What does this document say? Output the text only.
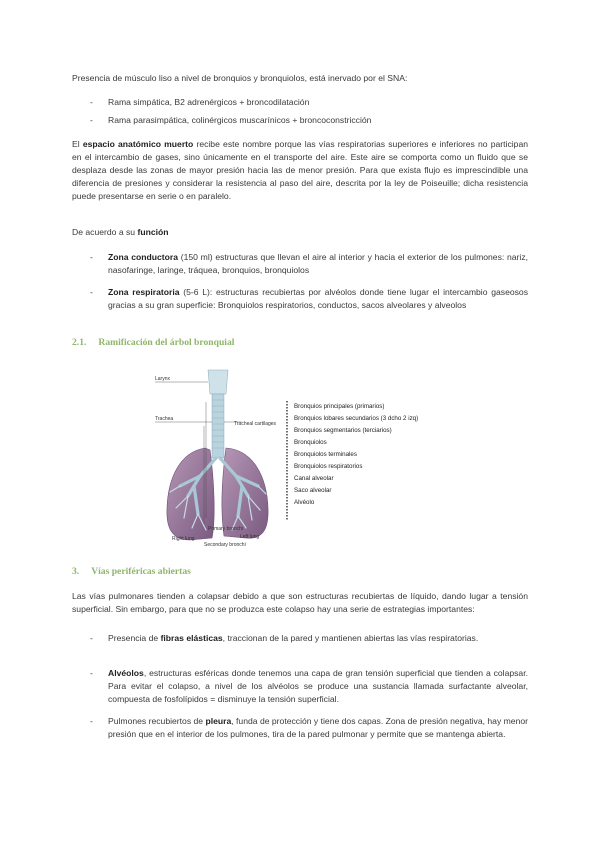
Presencia de músculo liso a nivel de bronquios y bronquiolos, está inervado por el SNA:

- Rama simpática, B2 adrenérgicos + broncodilatación

- Rama parasimpática, colinérgicos muscarínicos + broncoconstricción

El espacio anatómico muerto recibe este nombre porque las vías respiratorias superiores e inferiores no participan en el intercambio de gases, sino únicamente en el transporte del aire. Este aire se comporta como un fluido que se desplaza desde las zonas de mayor presión hacia las de menor presión. Para que exista flujo es imprescindible una diferencia de presiones y considerar la resistencia al paso del aire, descrita por la ley de Poiseuille; dicha resistencia puede presentarse en serie o en paralelo.

De acuerdo a su función

- Zona conductora (150 ml) estructuras que llevan el aire al interior y hacia el exterior de los pulmones: nariz, nasofaringe, laringe, tráquea, bronquios, bronquiolos

- Zona respiratoria (5-6 L): estructuras recubiertas por alvéolos donde tiene lugar el intercambio gaseosos gracias a su gran superficie: Bronquiolos respiratorios, conductos, sacos alveolares y alveolos

2.1. Ramificación del árbol bronquial

Larynx
Trachea
Right lung	Left lung
Primary bronchi
Secondary bronchi
Tracheal cartilages
Bronquios principales (primarios)
Bronquios lobares secundarios (3 dcho 2 izq)
Bronquios segmentarios (terciarios)
Bronquiolos
Bronquiolos terminales
Bronquiolos respiratorios
Canal alveolar
Saco alveolar
Alvéolo

3. Vías periféricas abiertas

Las vías pulmonares tienden a colapsar debido a que son estructuras recubiertas de líquido, dando lugar a tensión superficial. Sin embargo, para que no se produzca este colapso hay una serie de estrategias importantes:

- Presencia de fibras elásticas, traccionan de la pared y mantienen abiertas las vías respiratorias.

- Alvéolos, estructuras esféricas donde tenemos una capa de gran tensión superficial que tienden a colapsar. Para evitar el colapso, a nivel de los alvéolos se produce una sustancia llamada surfactante alveolar, compuesta de fosfolípidos = disminuye la tensión superficial.

- Pulmones recubiertos de pleura, funda de protección y tiene dos capas. Zona de presión negativa, hay menor presión que en el interior de los pulmones, tira de la pared pulmonar y permite que se mantenga abierta.
